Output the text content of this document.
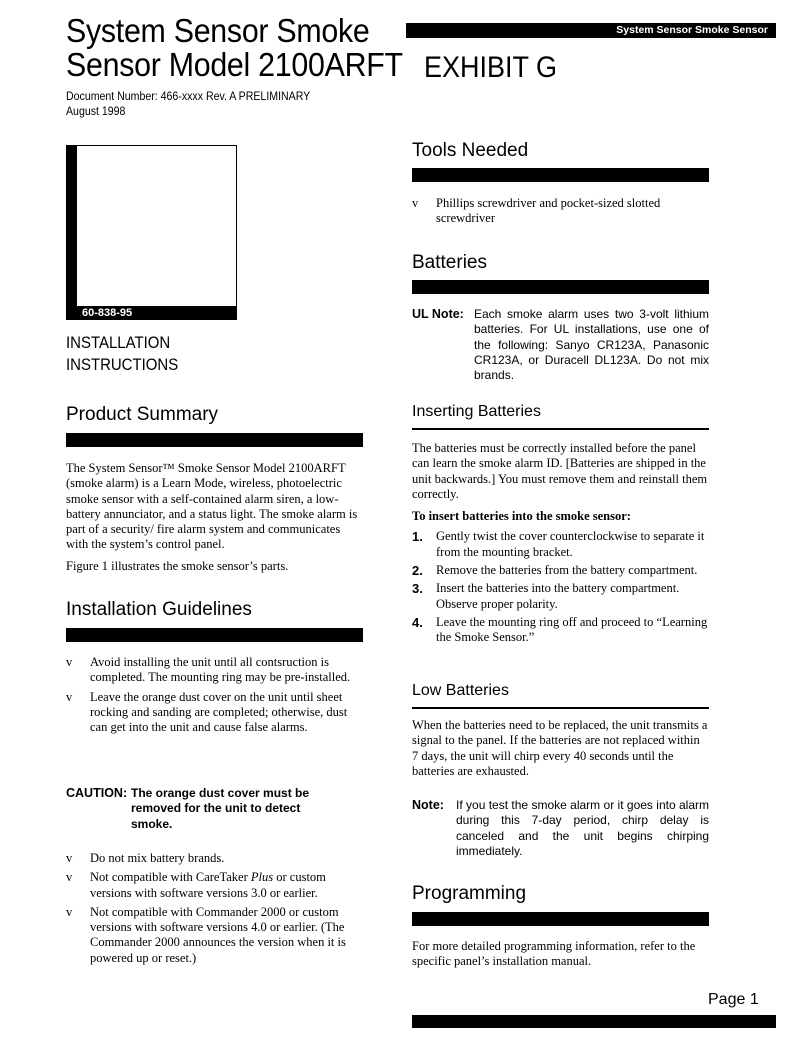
System Sensor Smoke
Sensor Model 2100ARFT
Document Number: 466-xxxx Rev. A PRELIMINARY
August 1998
System Sensor Smoke Sensor
EXHIBIT G
60-838-95
INSTALLATION
INSTRUCTIONS
Product Summary

The System Sensor™ Smoke Sensor Model 2100ARFT (smoke alarm) is a Learn Mode, wireless, photoelectric smoke sensor with a self-contained alarm siren, a low-battery annunciator, and a status light. The smoke alarm is part of a security/ fire alarm system and communicates with the system’s control panel.

Figure 1 illustrates the smoke sensor’s parts.

Installation Guidelines
v Avoid installing the unit until all contsruction is completed. The mounting ring may be pre-installed.
v Leave the orange dust cover on the unit until sheet rocking and sanding are completed; otherwise, dust can get into the unit and cause false alarms.
CAUTION: The orange dust cover must be removed for the unit to detect smoke.
v Do not mix battery brands.
v Not compatible with CareTaker Plus or custom versions with software versions 3.0 or earlier.
v Not compatible with Commander 2000 or custom versions with software versions 4.0 or earlier. (The Commander 2000 announces the version when it is powered up or reset.)
Tools Needed
v Phillips screwdriver and pocket-sized slotted screwdriver
Batteries
UL Note: Each smoke alarm uses two 3-volt lithium batteries. For UL installations, use one of the following: Sanyo CR123A, Panasonic CR123A, or Duracell DL123A. Do not mix brands.
Inserting Batteries

The batteries must be correctly installed before the panel can learn the smoke alarm ID. [Batteries are shipped in the unit backwards.] You must remove them and reinstall them correctly.

To insert batteries into the smoke sensor:
1. Gently twist the cover counterclockwise to separate it from the mounting bracket.
2. Remove the batteries from the battery compartment.
3. Insert the batteries into the battery compartment. Observe proper polarity.
4. Leave the mounting ring off and proceed to “Learning the Smoke Sensor.”
Low Batteries
When the batteries need to be replaced, the unit transmits a signal to the panel. If the batteries are not replaced within 7 days, the unit will chirp every 40 seconds until the batteries are exhausted.
Note:	If you test the smoke alarm or it goes into alarm during this 7-day period, chirp delay is canceled and the unit begins chirping immediately.
Programming
For more detailed programming information, refer to the specific panel’s installation manual.
Page 1
